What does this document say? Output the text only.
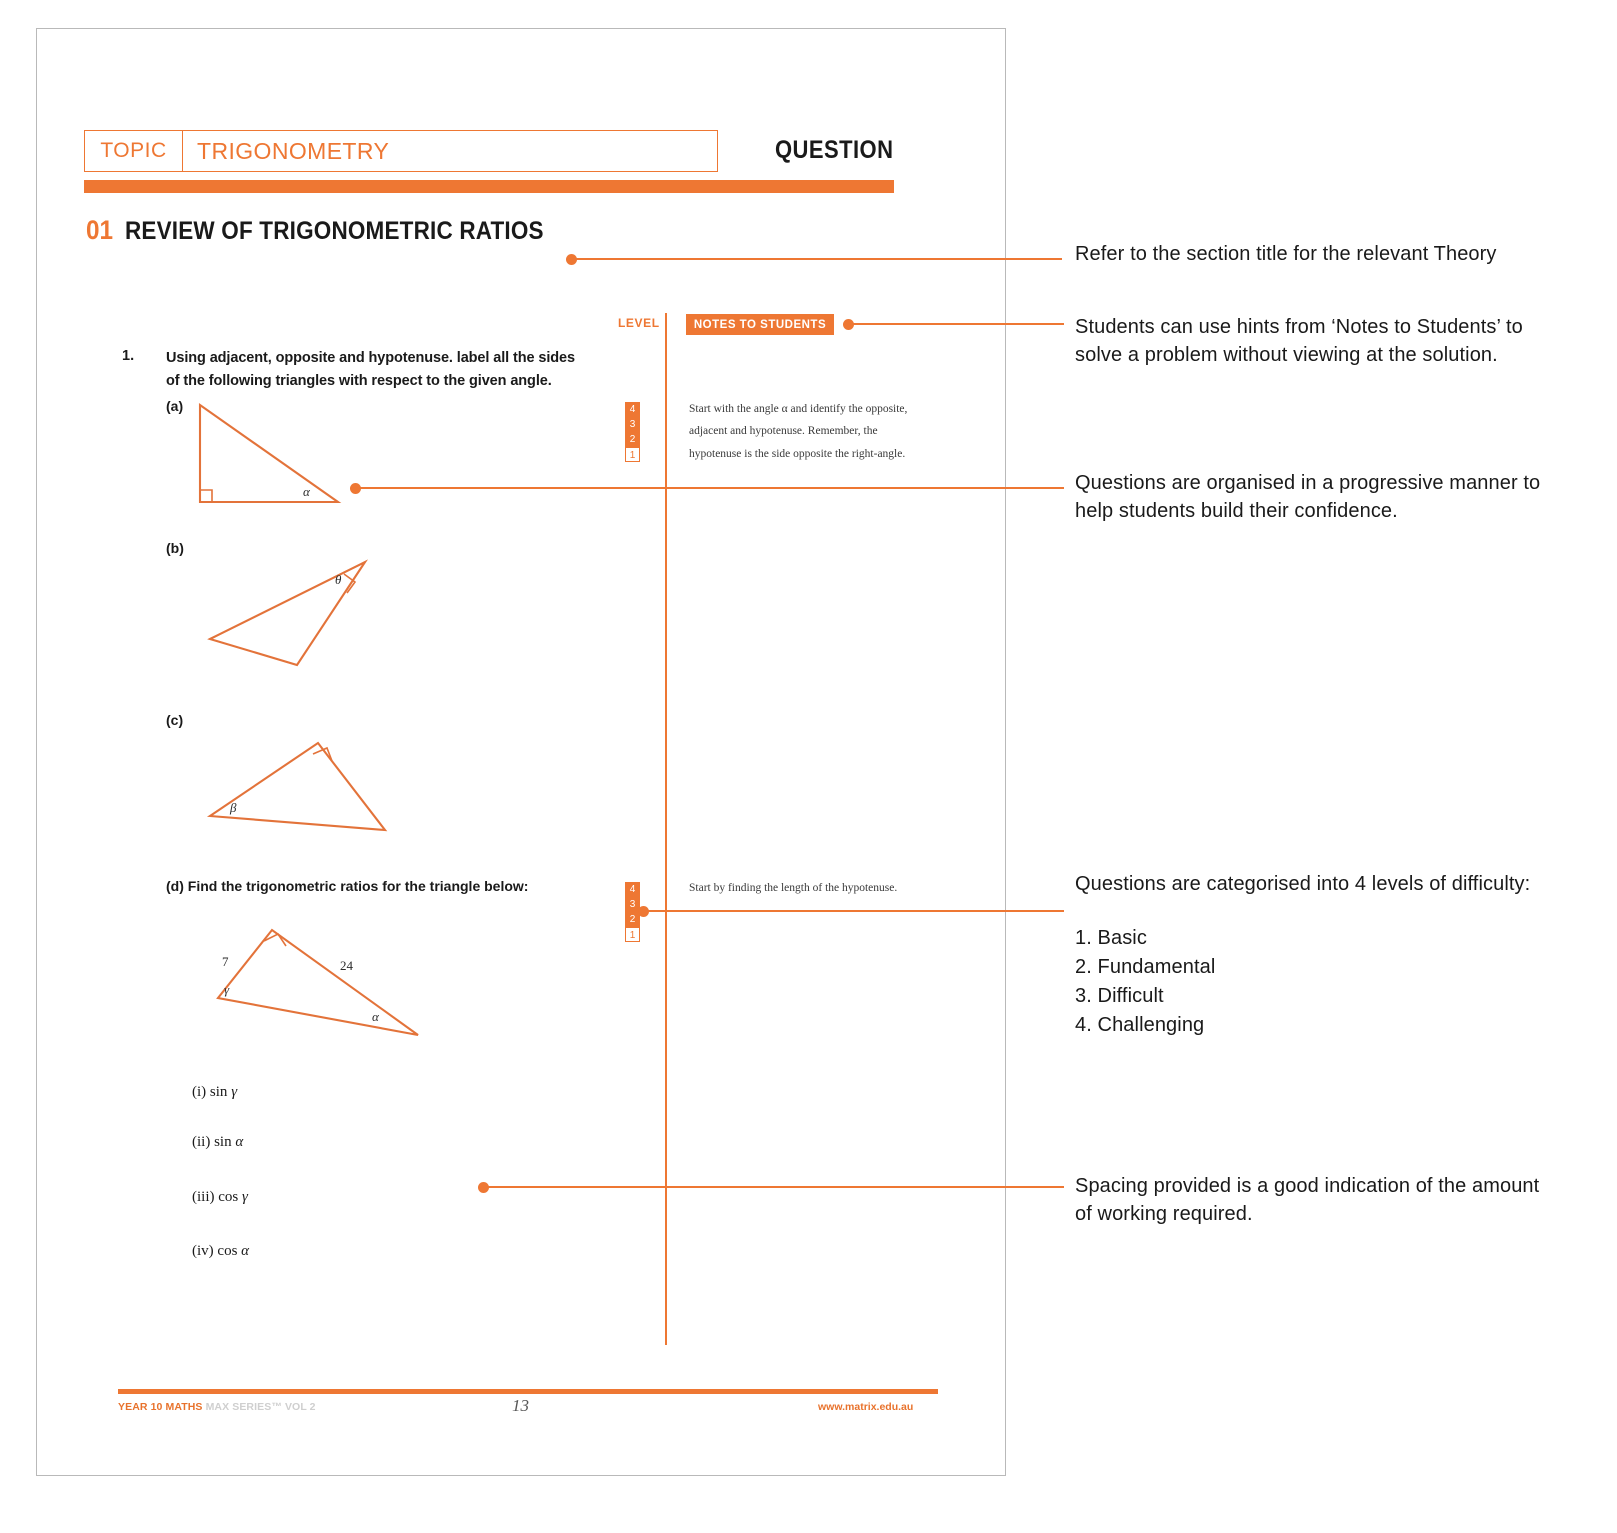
TOPIC	TRIGONOMETRY	QUESTION
01 REVIEW OF TRIGONOMETRIC RATIOS
LEVEL	NOTES TO STUDENTS
1. Using adjacent, opposite and hypotenuse. label all the sides of the following triangles with respect to the given angle.
4
3
2
1
Start with the angle α and identify the opposite, adjacent and hypotenuse. Remember, the hypotenuse is the side opposite the right-angle.
(a)
α
(b)
θ
(c)
β
(d) Find the trigonometric ratios for the triangle below:	4
3
2
1
Start by finding the length of the hypotenuse.
7	24
γ
α
(i) sin γ
(ii) sin α
(iii) cos γ
(iv) cos α
YEAR 10 MATHS MAX SERIES™ VOL 2	13	www.matrix.edu.au
Refer to the section title for the relevant Theory
Students can use hints from ‘Notes to Students’ to solve a problem without viewing at the solution.
Questions are organised in a progressive manner to help students build their confidence.
Questions are categorised into 4 levels of difficulty:
1. Basic
2. Fundamental
3. Difficult
4. Challenging
Spacing provided is a good indication of the amount of working required.
